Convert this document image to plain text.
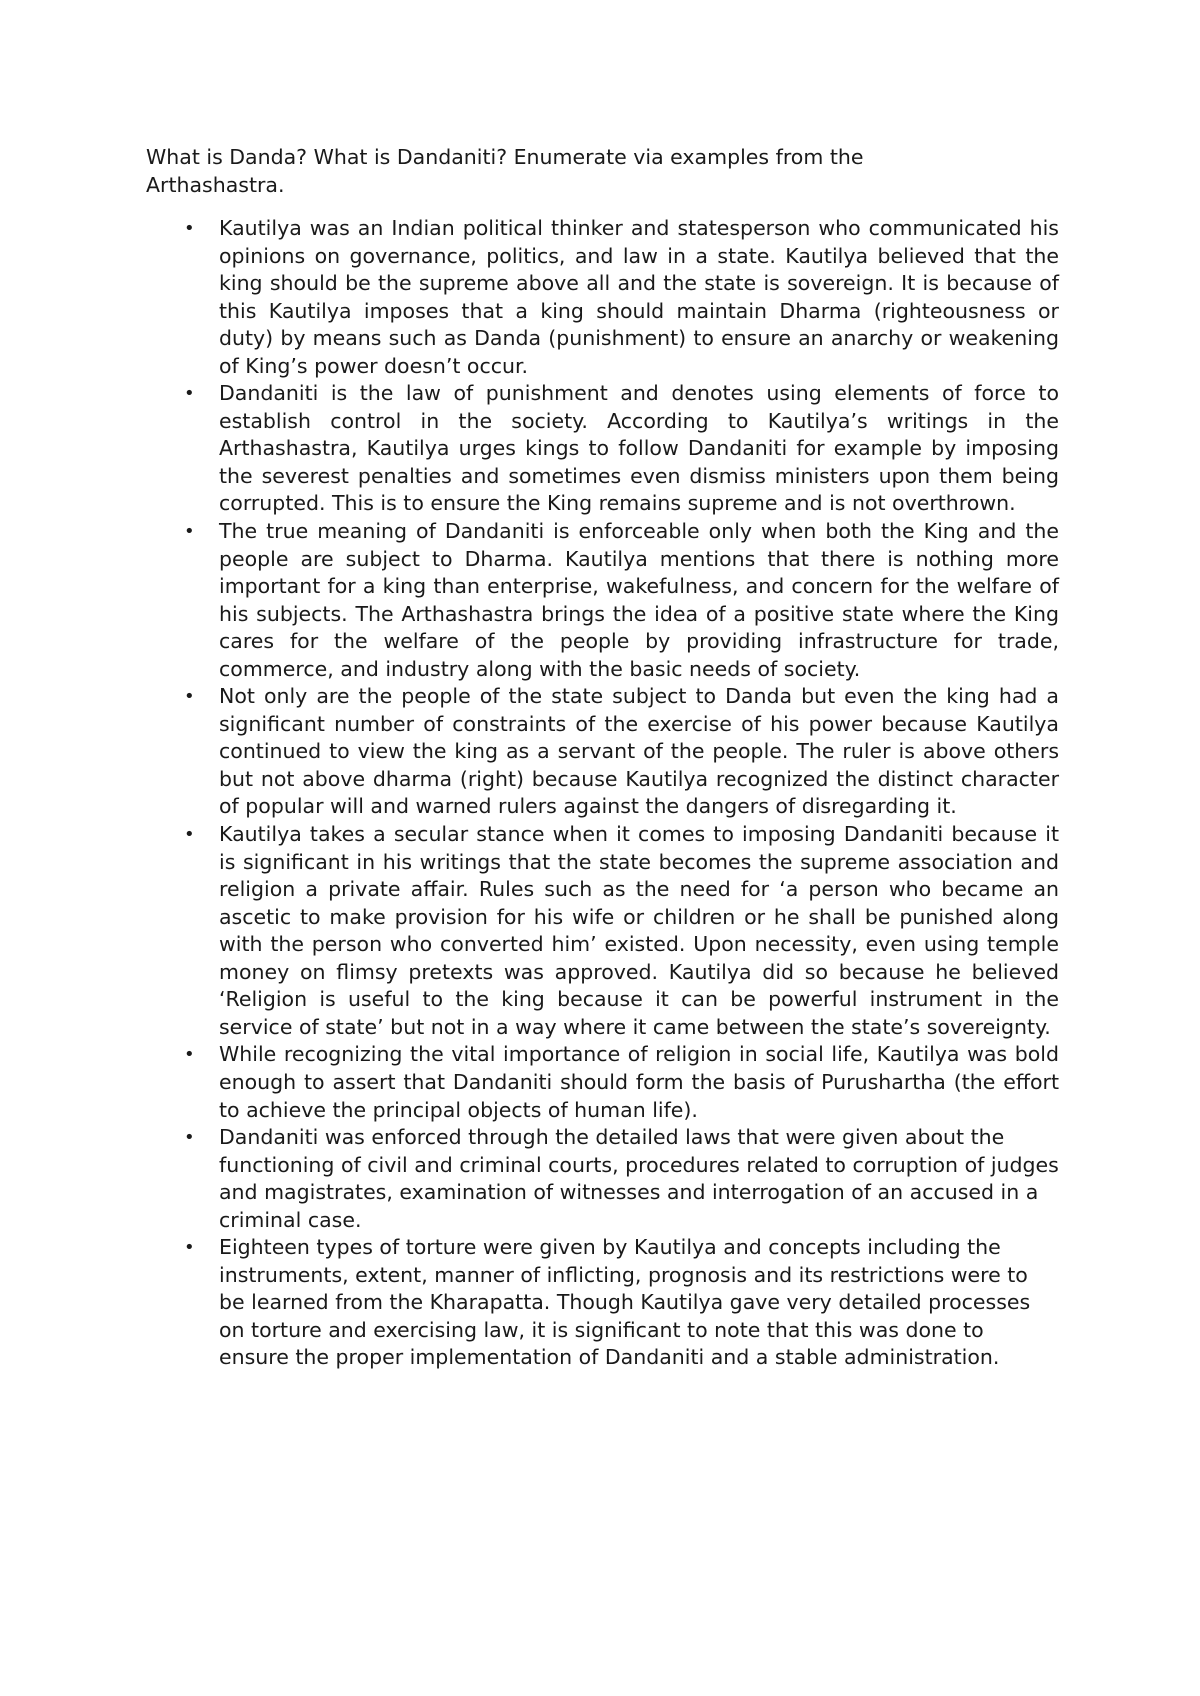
What is Danda? What is Dandaniti? Enumerate via examples from the Arthashastra.

• Kautilya was an Indian political thinker and statesperson who communicated his opinions on governance, politics, and law in a state. Kautilya believed that the king should be the supreme above all and the state is sovereign. It is because of this Kautilya imposes that a king should maintain Dharma (righteousness or duty) by means such as Danda (punishment) to ensure an anarchy or weakening of King’s power doesn’t occur.
• Dandaniti is the law of punishment and denotes using elements of force to establish control in the society. According to Kautilya’s writings in the Arthashastra, Kautilya urges kings to follow Dandaniti for example by imposing the severest penalties and sometimes even dismiss ministers upon them being corrupted. This is to ensure the King remains supreme and is not overthrown.
• The true meaning of Dandaniti is enforceable only when both the King and the people are subject to Dharma. Kautilya mentions that there is nothing more important for a king than enterprise, wakefulness, and concern for the welfare of his subjects. The Arthashastra brings the idea of a positive state where the King cares for the welfare of the people by providing infrastructure for trade, commerce, and industry along with the basic needs of society.
• Not only are the people of the state subject to Danda but even the king had a significant number of constraints of the exercise of his power because Kautilya continued to view the king as a servant of the people. The ruler is above others but not above dharma (right) because Kautilya recognized the distinct character of popular will and warned rulers against the dangers of disregarding it.
• Kautilya takes a secular stance when it comes to imposing Dandaniti because it is significant in his writings that the state becomes the supreme association and religion a private affair. Rules such as the need for ‘a person who became an ascetic to make provision for his wife or children or he shall be punished along with the person who converted him’ existed. Upon necessity, even using temple money on flimsy pretexts was approved. Kautilya did so because he believed ‘Religion is useful to the king because it can be powerful instrument in the service of state’ but not in a way where it came between the state’s sovereignty.
• While recognizing the vital importance of religion in social life, Kautilya was bold enough to assert that Dandaniti should form the basis of Purushartha (the effort to achieve the principal objects of human life).
• Dandaniti was enforced through the detailed laws that were given about the functioning of civil and criminal courts, procedures related to corruption of judges and magistrates, examination of witnesses and interrogation of an accused in a criminal case.
• Eighteen types of torture were given by Kautilya and concepts including the instruments, extent, manner of inflicting, prognosis and its restrictions were to be learned from the Kharapatta. Though Kautilya gave very detailed processes on torture and exercising law, it is significant to note that this was done to ensure the proper implementation of Dandaniti and a stable administration.
